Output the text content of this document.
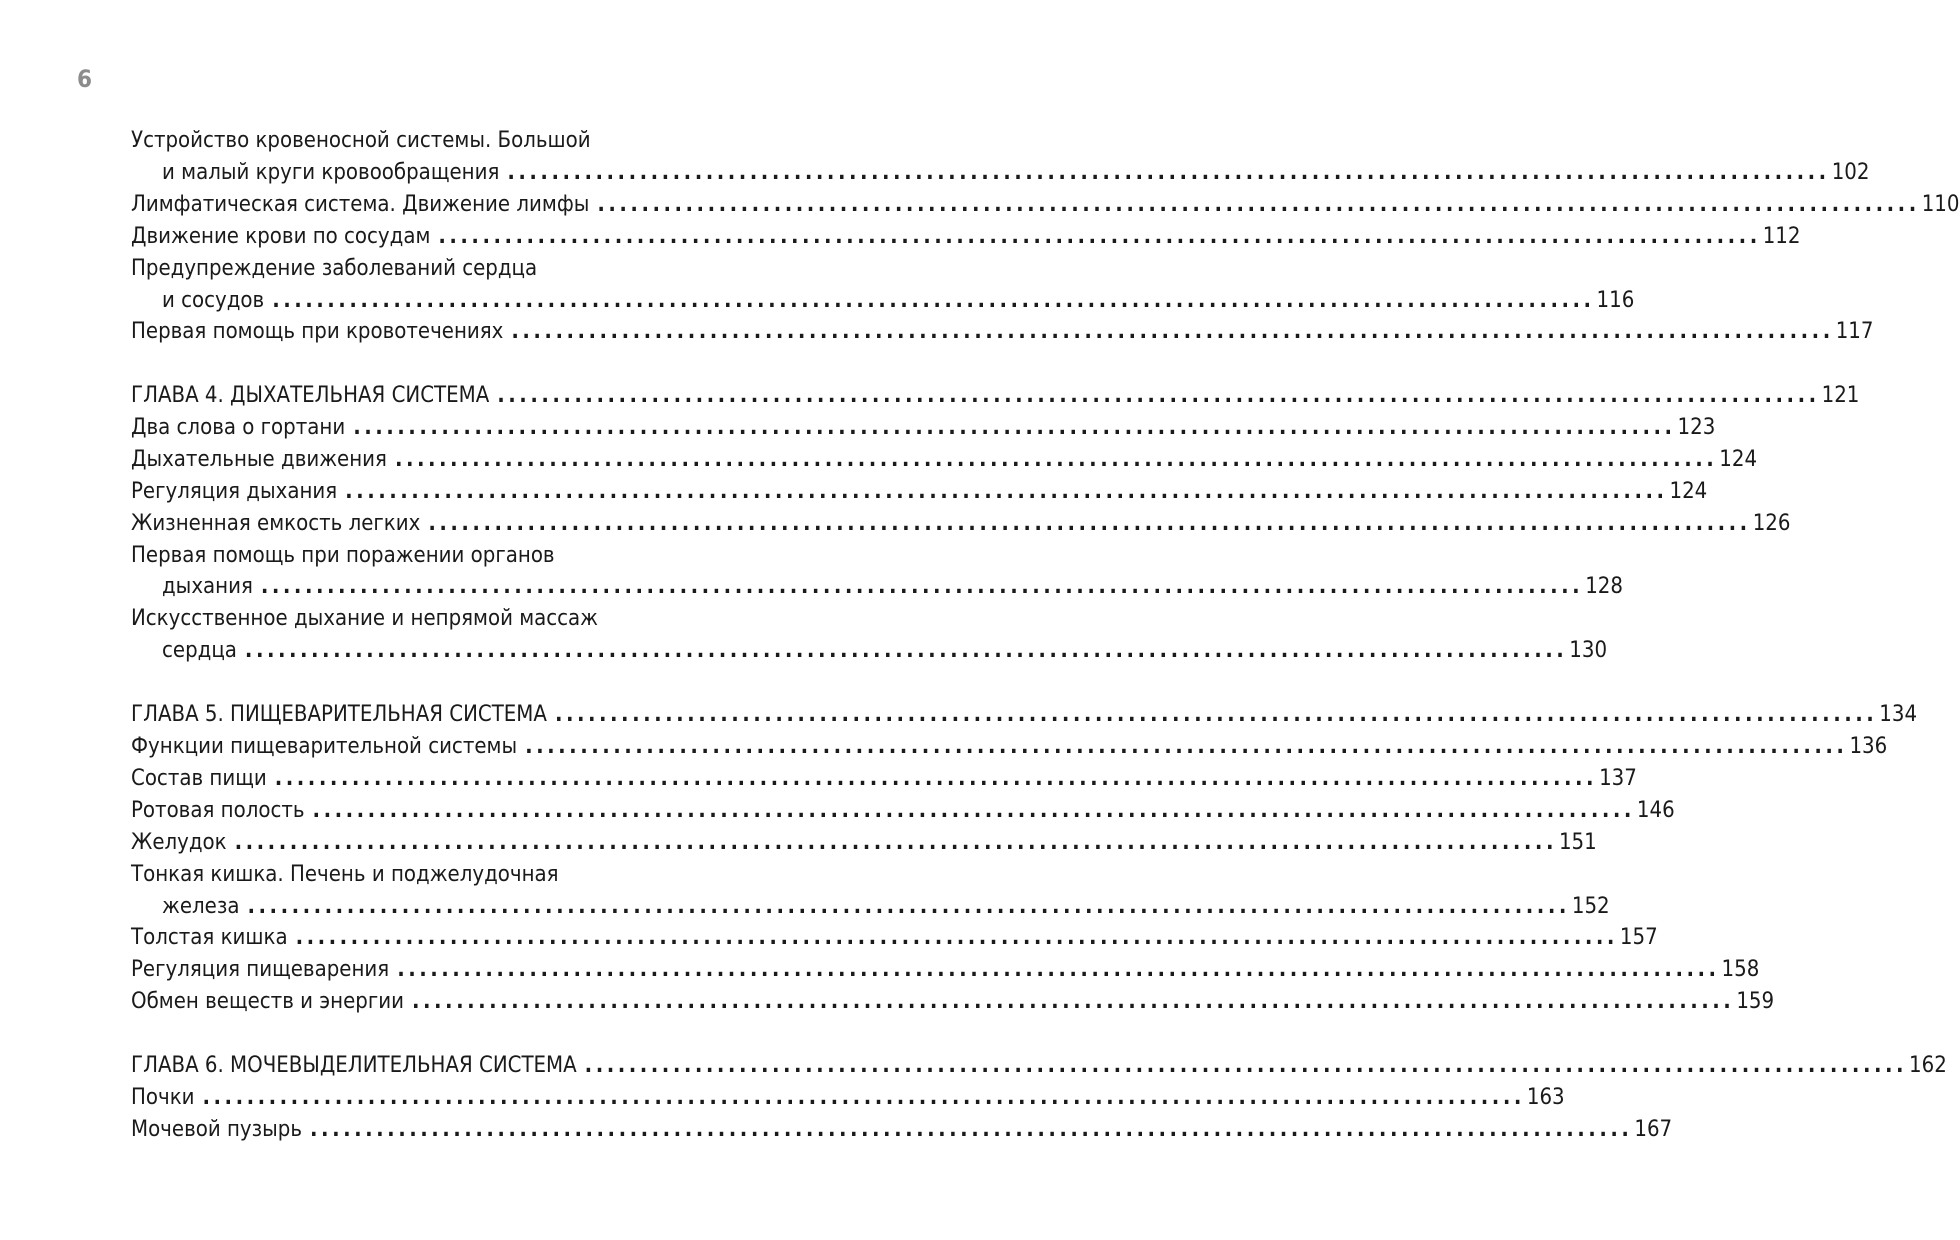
6
Устройство кровеносной системы. Большой
и малый круги кровообращения ........................................................................................................................ 102
Лимфатическая система. Движение лимфы ........................................................................................................................ 110
Движение крови по сосудам ........................................................................................................................ 112
Предупреждение заболеваний сердца
и сосудов ........................................................................................................................ 116
Первая помощь при кровотечениях ........................................................................................................................ 117
ГЛАВА 4. ДЫХАТЕЛЬНАЯ СИСТЕМА ........................................................................................................................ 121
Два слова о гортани ........................................................................................................................ 123
Дыхательные движения ........................................................................................................................ 124
Регуляция дыхания ........................................................................................................................ 124
Жизненная емкость легких ........................................................................................................................ 126
Первая помощь при поражении органов
дыхания ........................................................................................................................ 128
Искусственное дыхание и непрямой массаж
сердца ........................................................................................................................ 130
ГЛАВА 5. ПИЩЕВАРИТЕЛЬНАЯ СИСТЕМА ........................................................................................................................ 134
Функции пищеварительной системы ........................................................................................................................ 136
Состав пищи ........................................................................................................................ 137
Ротовая полость ........................................................................................................................ 146
Желудок ........................................................................................................................ 151
Тонкая кишка. Печень и поджелудочная
железа ........................................................................................................................ 152
Толстая кишка ........................................................................................................................ 157
Регуляция пищеварения ........................................................................................................................ 158
Обмен веществ и энергии ........................................................................................................................ 159
ГЛАВА 6. МОЧЕВЫДЕЛИТЕЛЬНАЯ СИСТЕМА ........................................................................................................................ 162
Почки ........................................................................................................................ 163
Мочевой пузырь ........................................................................................................................ 167
